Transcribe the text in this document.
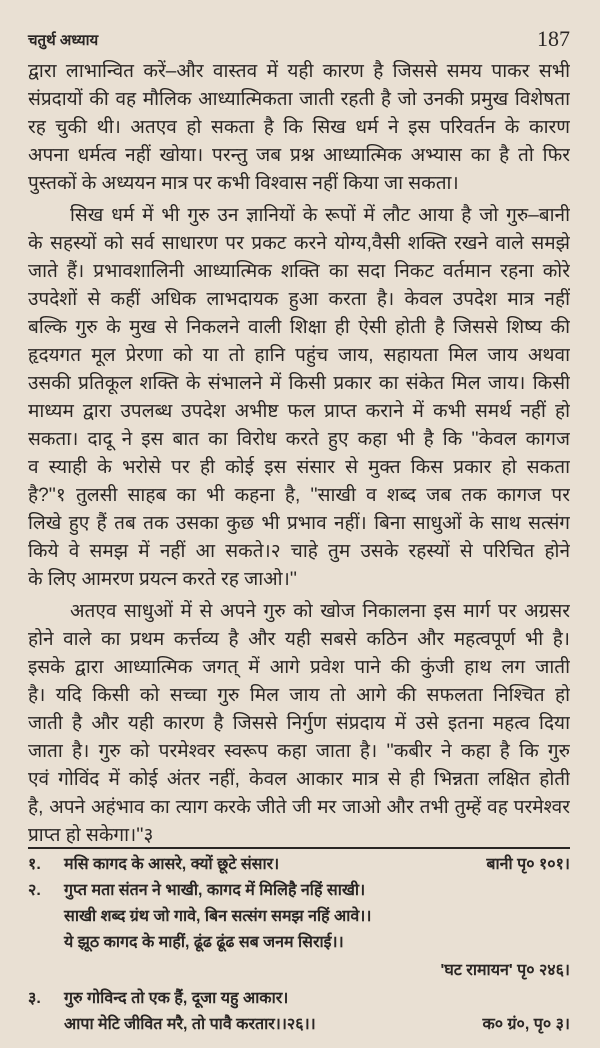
चतुर्थ अध्याय	187
द्वारा लाभान्वित करें–और वास्तव में यही कारण है जिससे समय पाकर सभी
संप्रदायों की वह मौलिक आध्यात्मिकता जाती रहती है जो उनकी प्रमुख विशेषता
रह चुकी थी। अतएव हो सकता है कि सिख धर्म ने इस परिवर्तन के कारण
अपना धर्मत्व नहीं खोया। परन्तु जब प्रश्न आध्यात्मिक अभ्यास का है तो फिर
पुस्तकों के अध्ययन मात्र पर कभी विश्वास नहीं किया जा सकता।
सिख धर्म में भी गुरु उन ज्ञानियों के रूपों में लौट आया है जो गुरु–बानी
के सहस्यों को सर्व साधारण पर प्रकट करने योग्य,वैसी शक्ति रखने वाले समझे
जाते हैं। प्रभावशालिनी आध्यात्मिक शक्ति का सदा निकट वर्तमान रहना कोरे
उपदेशों से कहीं अधिक लाभदायक हुआ करता है। केवल उपदेश मात्र नहीं
बल्कि गुरु के मुख से निकलने वाली शिक्षा ही ऐसी होती है जिससे शिष्य की
हृदयगत मूल प्रेरणा को या तो हानि पहुंच जाय, सहायता मिल जाय अथवा
उसकी प्रतिकूल शक्ति के संभालने में किसी प्रकार का संकेत मिल जाय। किसी
माध्यम द्वारा उपलब्ध उपदेश अभीष्ट फल प्राप्त कराने में कभी समर्थ नहीं हो
सकता। दादू ने इस बात का विरोध करते हुए कहा भी है कि ''केवल कागज
व स्याही के भरोसे पर ही कोई इस संसार से मुक्त किस प्रकार हो सकता
है?''१ तुलसी साहब का भी कहना है, ''साखी व शब्द जब तक कागज पर
लिखे हुए हैं तब तक उसका कुछ भी प्रभाव नहीं। बिना साधुओं के साथ सत्संग
किये वे समझ में नहीं आ सकते।२ चाहे तुम उसके रहस्यों से परिचित होने
के लिए आमरण प्रयत्न करते रह जाओ।''
अतएव साधुओं में से अपने गुरु को खोज निकालना इस मार्ग पर अग्रसर
होने वाले का प्रथम कर्त्तव्य है और यही सबसे कठिन और महत्वपूर्ण भी है।
इसके द्वारा आध्यात्मिक जगत् में आगे प्रवेश पाने की कुंजी हाथ लग जाती
है। यदि किसी को सच्चा गुरु मिल जाय तो आगे की सफलता निश्चित हो
जाती है और यही कारण है जिससे निर्गुण संप्रदाय में उसे इतना महत्व दिया
जाता है। गुरु को परमेश्वर स्वरूप कहा जाता है। ''कबीर ने कहा है कि गुरु
एवं गोविंद में कोई अंतर नहीं, केवल आकार मात्र से ही भिन्नता लक्षित होती
है, अपने अहंभाव का त्याग करके जीते जी मर जाओ और तभी तुम्हें वह परमेश्वर
प्राप्त हो सकेगा।''३
१. मसि कागद के आसरे, क्यों छूटे संसार।	बानी पृ० १०१।
२. गुप्त मता संतन ने भाखी, कागद में मिलिहै नहिं साखी।
साखी शब्द ग्रंथ जो गावे, बिन सत्संग समझ नहिं आवे।।
ये झूठ कागद के माहीं, ढूंढ ढूंढ सब जनम सिराई।।
'घट रामायन' पृ० २४६।
३. गुरु गोविन्द तो एक हैं, दूजा यहु आकार।
आपा मेटि जीवित मरै, तो पावै करतार।।२६।।	क० ग्रं०, पृ० ३।
